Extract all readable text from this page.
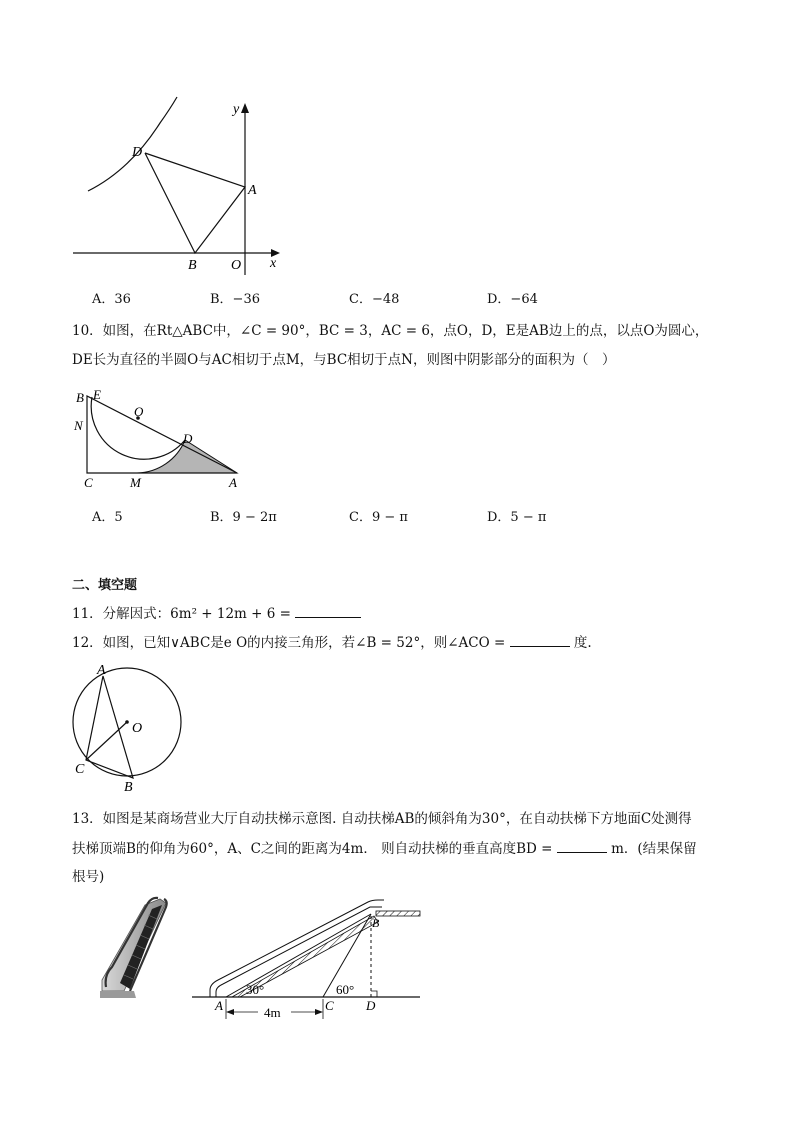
y
x
D
A
B O
A．36	B．−36	C．−48	D．−64
10．如图，在Rt△ABC中，∠C = 90°，BC = 3，AC = 6，点O，D，E是AB边上的点，以点O为圆心，
DE长为直径的半圆O与AC相切于点M，与BC相切于点N，则图中阴影部分的面积为（　）
B E
O
N
D
C	M	A
A．5	B．9 − 2π	C．9 − π	D．5 − π
二、填空题
11．分解因式：6m² + 12m + 6 =
12．如图，已知∨ABC是e O的内接三角形，若∠B = 52°，则∠ACO =	度.
A
O
C
B
13．如图是某商场营业大厅自动扶梯示意图. 自动扶梯AB的倾斜角为30°，在自动扶梯下方地面C处测得
扶梯顶端B的仰角为60°，A、C之间的距离为4m． 则自动扶梯的垂直高度BD =	m．(结果保留
根号)
30°	60°
A	C D
B
4m
